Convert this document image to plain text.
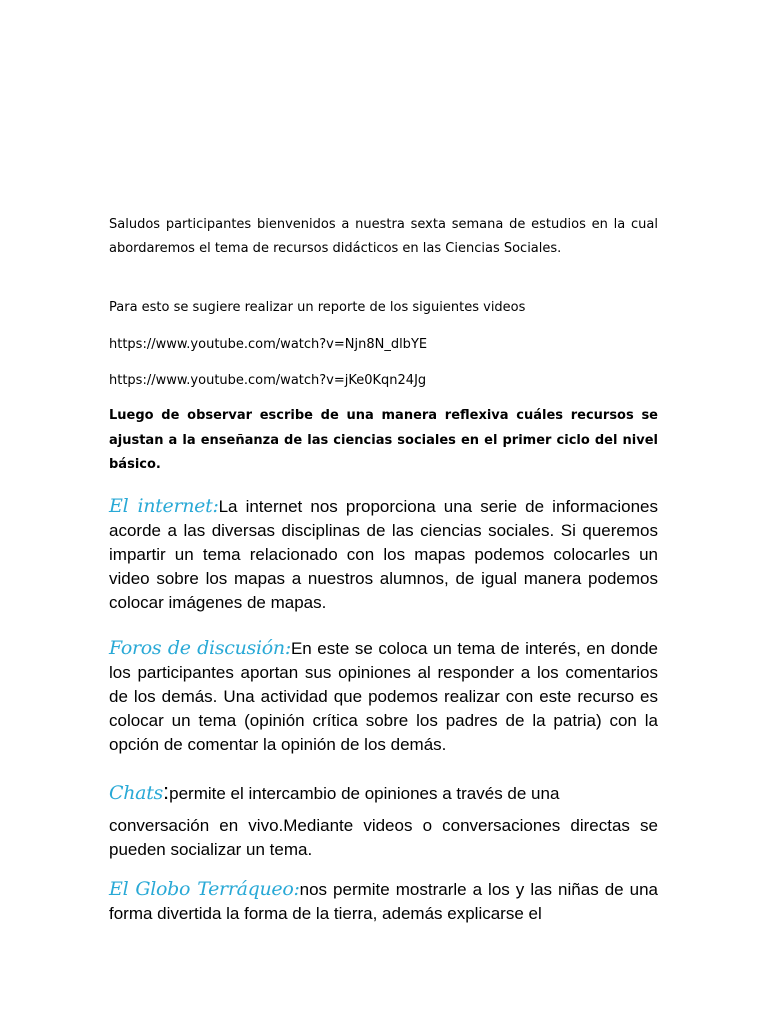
Saludos participantes bienvenidos a nuestra sexta semana de estudios en la cual abordaremos el tema de recursos didácticos en las Ciencias Sociales.

Para esto se sugiere realizar un reporte de los siguientes videos

https://www.youtube.com/watch?v=Njn8N_dlbYE

https://www.youtube.com/watch?v=jKe0Kqn24Jg

Luego de observar escribe de una manera reflexiva cuáles recursos se ajustan a la enseñanza de las ciencias sociales en el primer ciclo del nivel básico.

El internet:La internet nos proporciona una serie de informaciones acorde a las diversas disciplinas de las ciencias sociales. Si queremos impartir un tema relacionado con los mapas podemos colocarles un video sobre los mapas a nuestros alumnos, de igual manera podemos colocar imágenes de mapas.

Foros de discusión:En este se coloca un tema de interés, en donde los participantes aportan sus opiniones al responder a los comentarios de los demás. Una actividad que podemos realizar con este recurso es colocar un tema (opinión crítica sobre los padres de la patria) con la opción de comentar la opinión de los demás.

Chats:permite el intercambio de opiniones a través de una
conversación en vivo.Mediante videos o conversaciones directas se pueden socializar un tema.

El Globo Terráqueo:nos permite mostrarle a los y las niñas de una forma divertida la forma de la tierra, además explicarse el
